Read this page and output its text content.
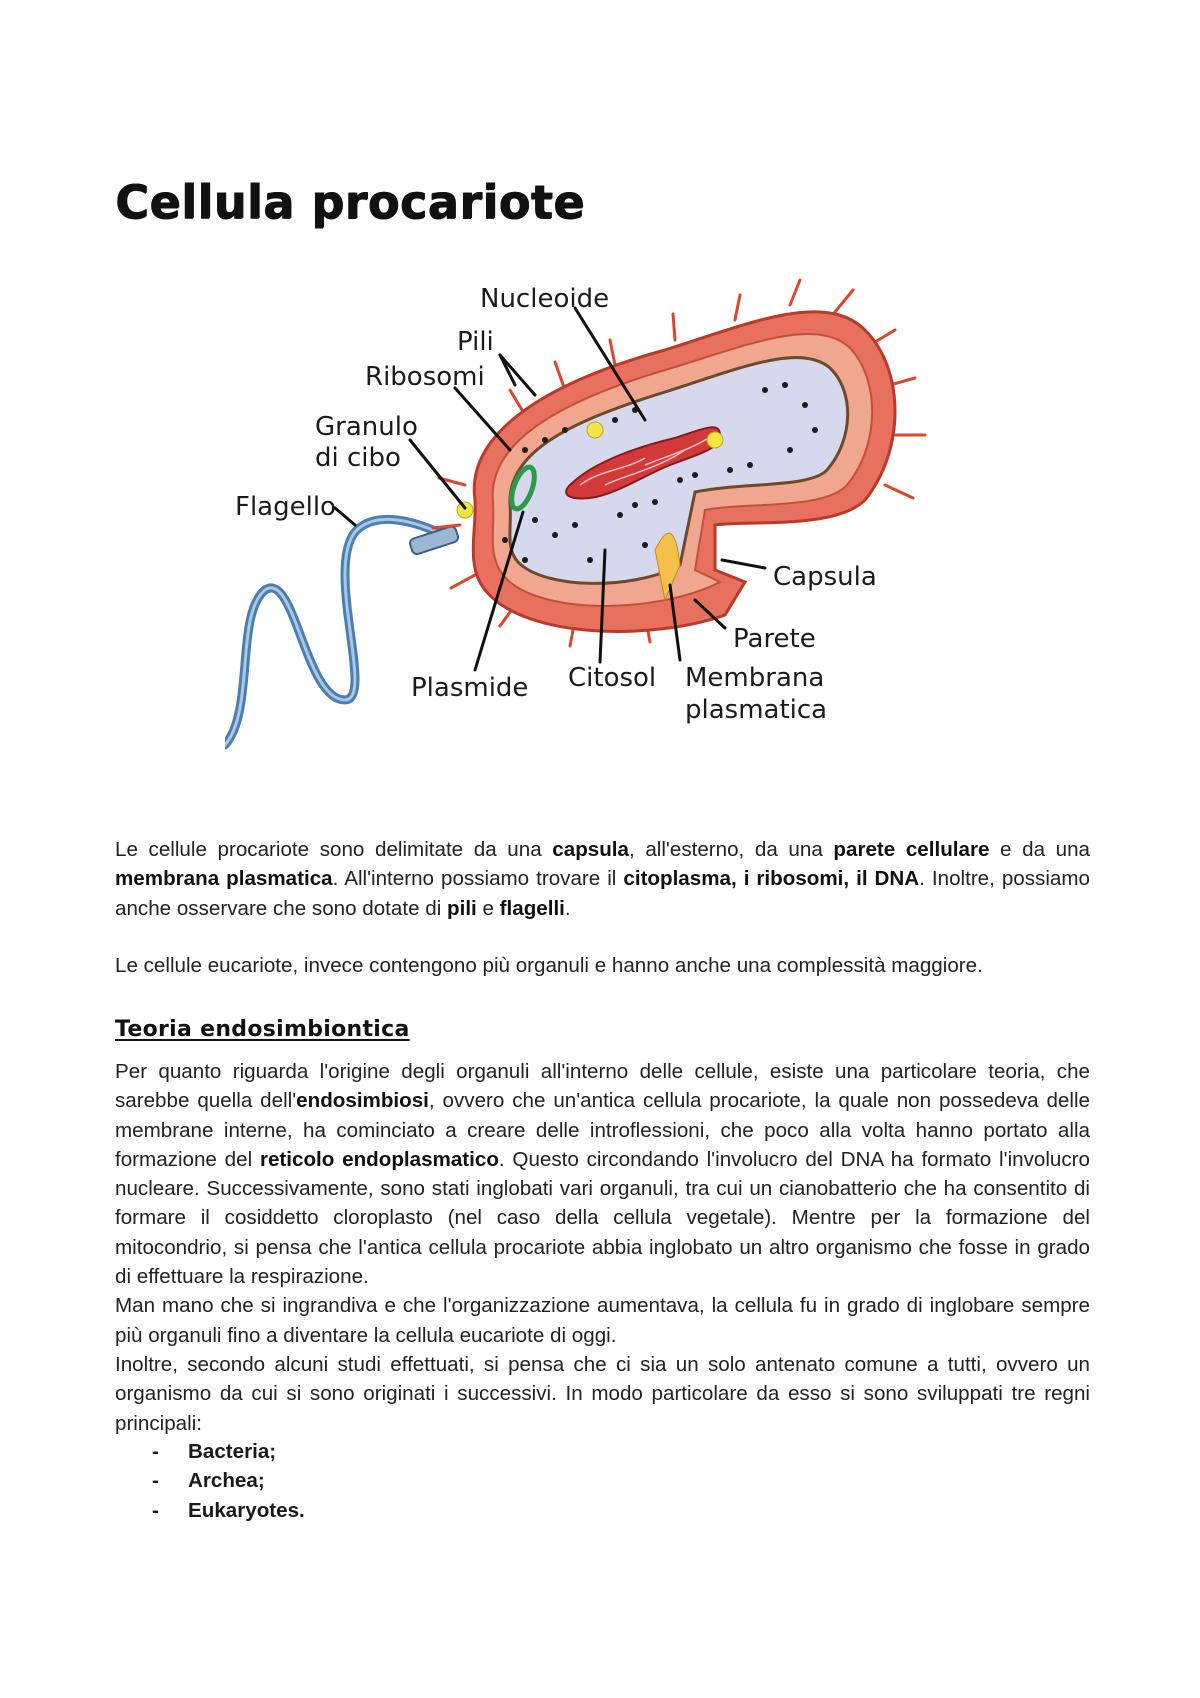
Cellula procariote
Nucleoide
Pili
Ribosomi
Granulo
di cibo
Flagello
Capsula
Parete
Plasmide Citosol Membrana
plasmatica
Le cellule procariote sono delimitate da una capsula, all'esterno, da una parete cellulare e da una membrana plasmatica. All'interno possiamo trovare il citoplasma, i ribosomi, il DNA. Inoltre, possiamo anche osservare che sono dotate di pili e flagelli.
Le cellule eucariote, invece contengono più organuli e hanno anche una complessità maggiore.
Teoria endosimbiontica
Per quanto riguarda l'origine degli organuli all'interno delle cellule, esiste una particolare teoria, che sarebbe quella dell'endosimbiosi, ovvero che un'antica cellula procariote, la quale non possedeva delle membrane interne, ha cominciato a creare delle introflessioni, che poco alla volta hanno portato alla formazione del reticolo endoplasmatico. Questo circondando l'involucro del DNA ha formato l'involucro nucleare. Successivamente, sono stati inglobati vari organuli, tra cui un cianobatterio che ha consentito di formare il cosiddetto cloroplasto (nel caso della cellula vegetale). Mentre per la formazione del mitocondrio, si pensa che l'antica cellula procariote abbia inglobato un altro organismo che fosse in grado di effettuare la respirazione.
Man mano che si ingrandiva e che l'organizzazione aumentava, la cellula fu in grado di inglobare sempre più organuli fino a diventare la cellula eucariote di oggi.
Inoltre, secondo alcuni studi effettuati, si pensa che ci sia un solo antenato comune a tutti, ovvero un organismo da cui si sono originati i successivi. In modo particolare da esso si sono sviluppati tre regni principali:
-	Bacteria;
-	Archea;
-	Eukaryotes.
